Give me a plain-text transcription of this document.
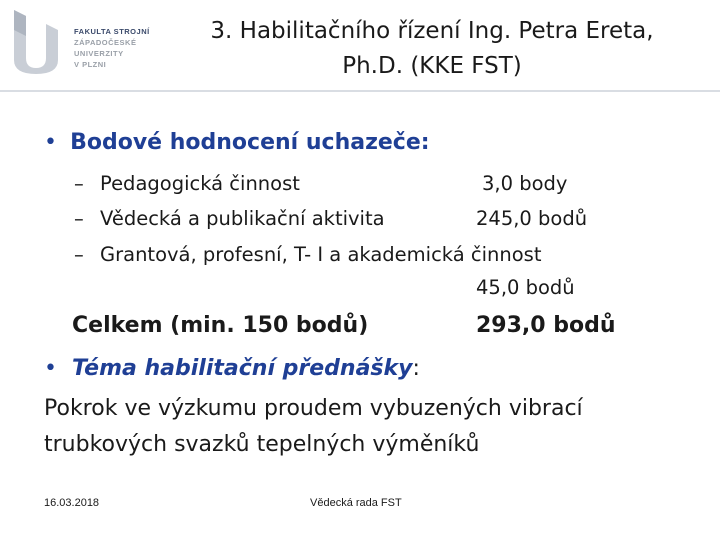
FAKULTA STROJNÍ
ZÁPADOČESKÉ
UNIVERZITY
V PLZNI
3. Habilitačního řízení Ing. Petra Ereta,
Ph.D. (KKE FST)
• Bodové hodnocení uchazeče:
– Pedagogická činnost	3,0 body
– Vědecká a publikační aktivita	245,0 bodů
– Grantová, profesní, T- I a akademická činnost
45,0 bodů
Celkem (min. 150 bodů)	293,0 bodů
• Téma habilitační přednášky:
Pokrok ve výzkumu proudem vybuzených vibrací
trubkových svazků tepelných výměníků
16.03.2018	Vědecká rada FST
